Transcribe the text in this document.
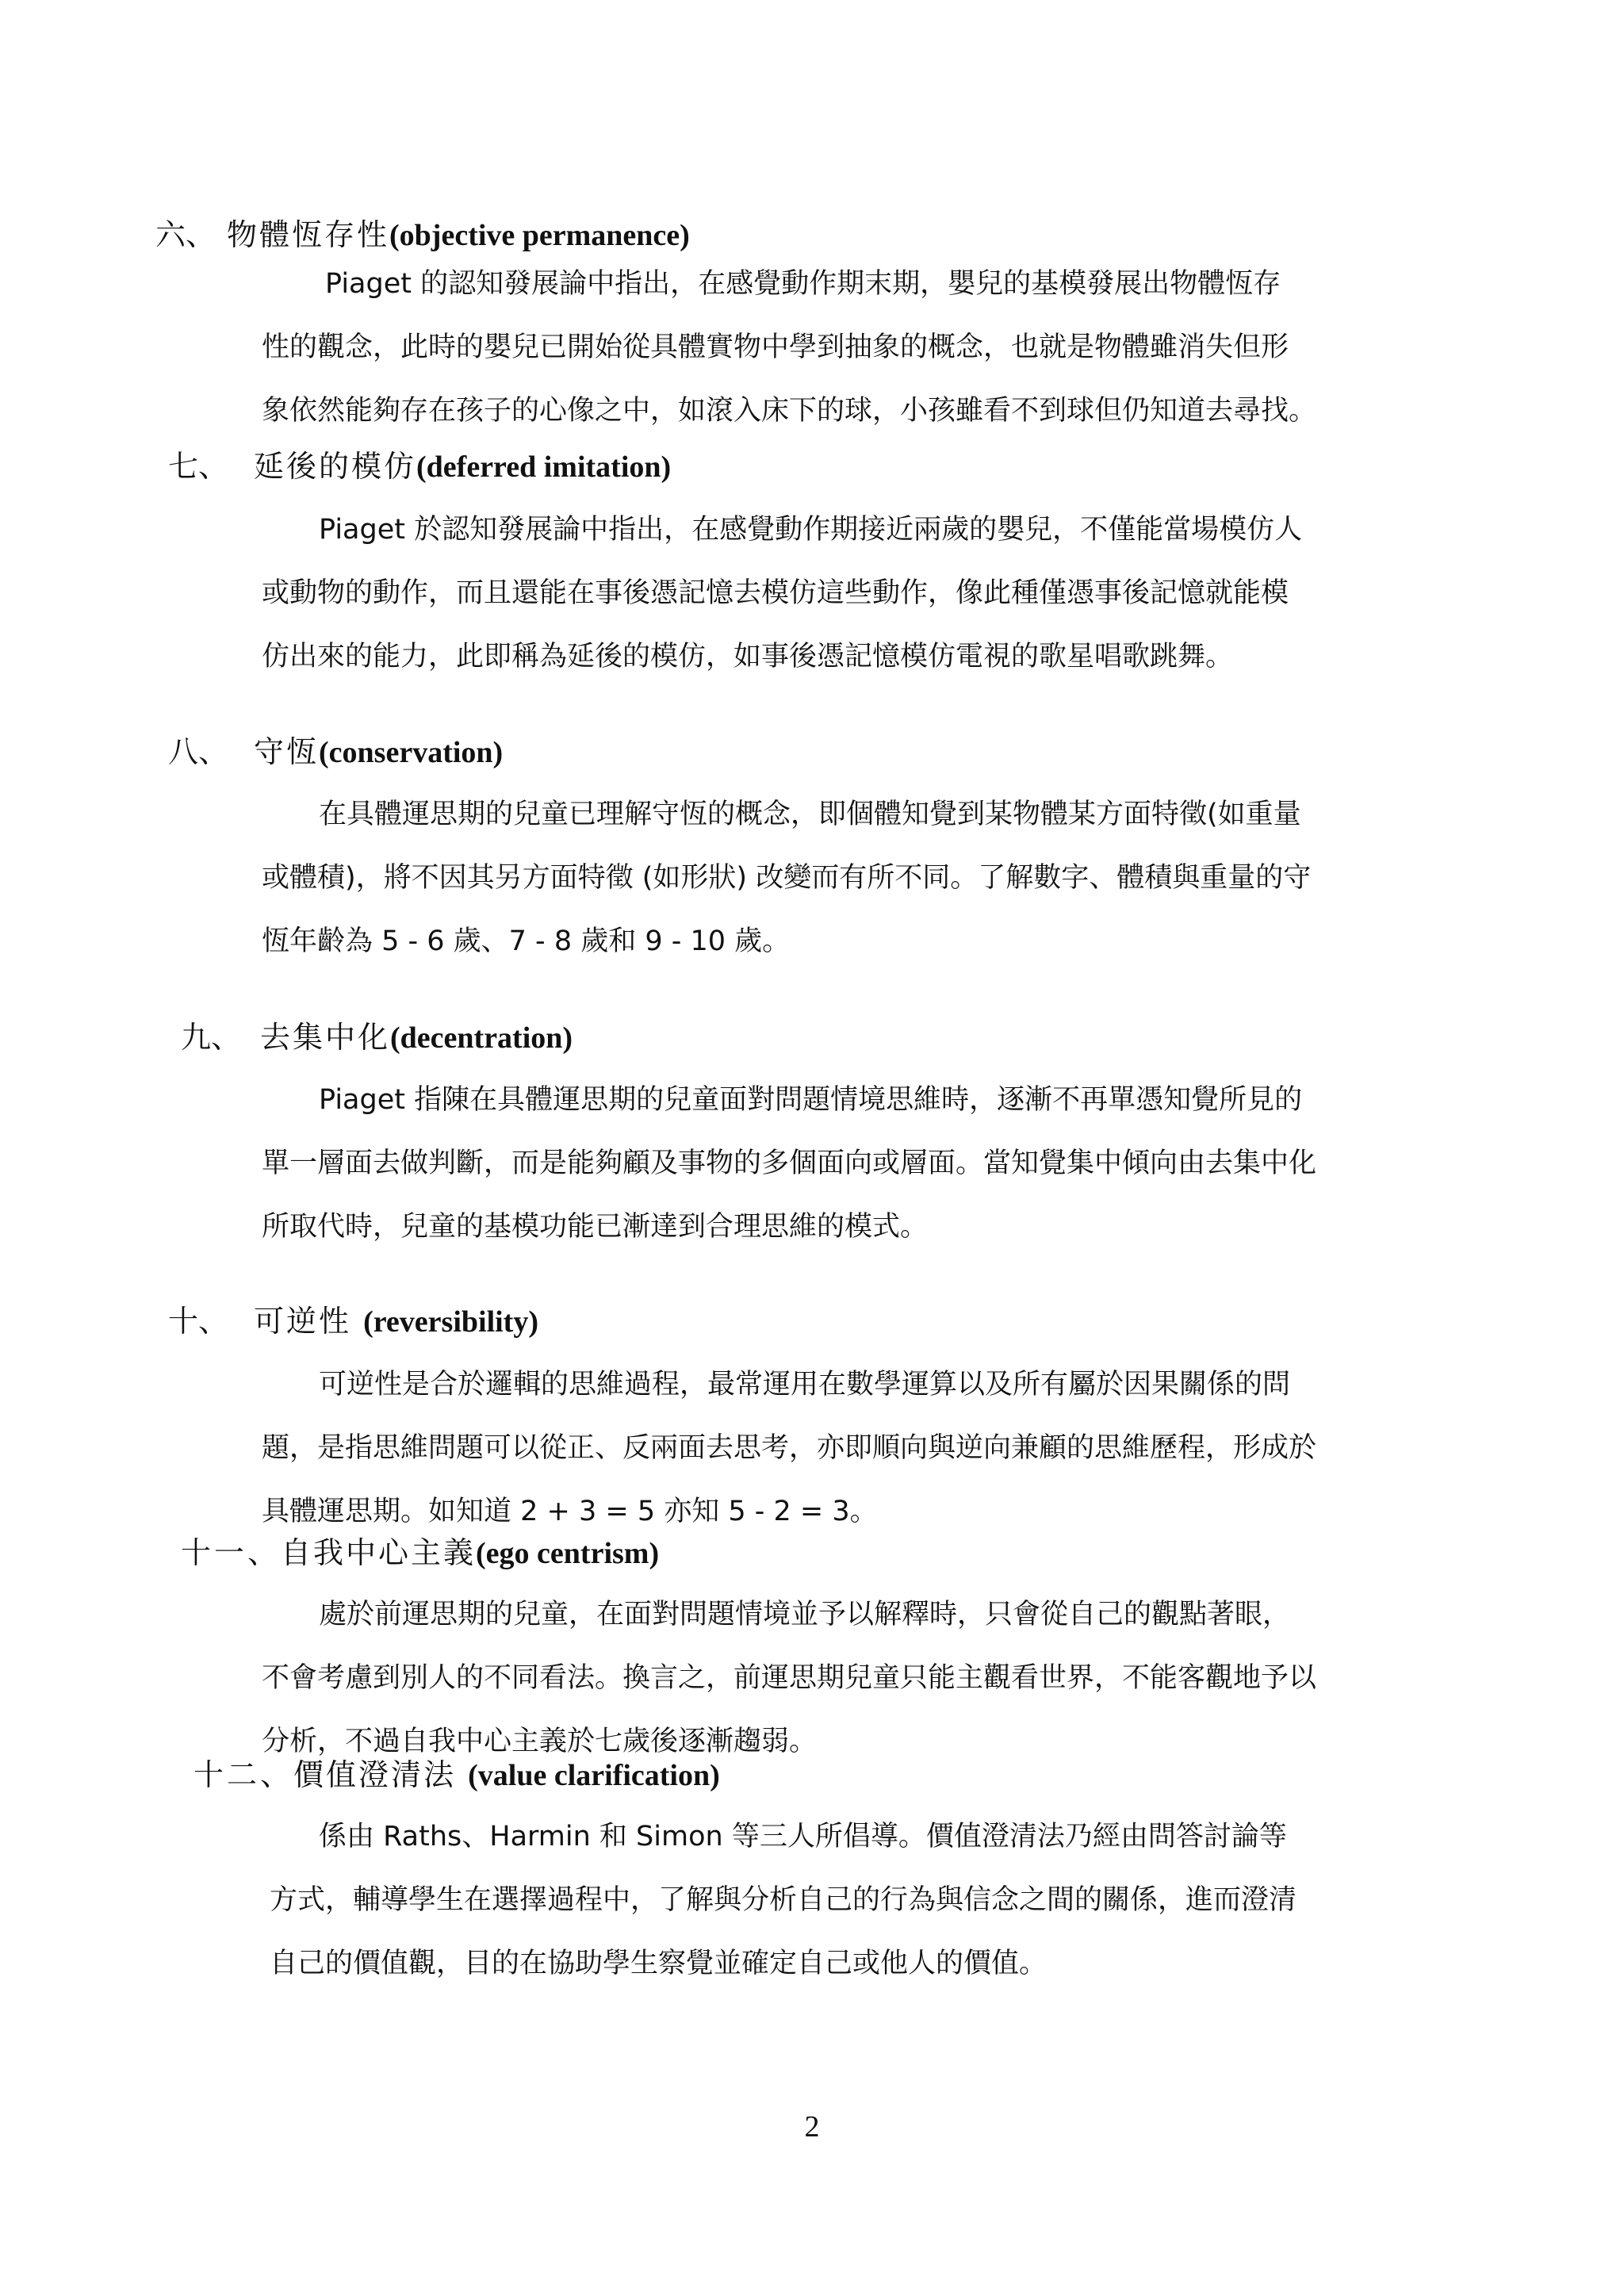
六、 物體恆存性(objective permanence)
Piaget 的認知發展論中指出，在感覺動作期末期，嬰兒的基模發展出物體恆存
性的觀念，此時的嬰兒已開始從具體實物中學到抽象的概念，也就是物體雖消失但形
象依然能夠存在孩子的心像之中，如滾入床下的球，小孩雖看不到球但仍知道去尋找。
七、 延後的模仿(deferred imitation)
Piaget 於認知發展論中指出，在感覺動作期接近兩歲的嬰兒，不僅能當場模仿人
或動物的動作，而且還能在事後憑記憶去模仿這些動作，像此種僅憑事後記憶就能模
仿出來的能力，此即稱為延後的模仿，如事後憑記憶模仿電視的歌星唱歌跳舞。
八、 守恆(conservation)
在具體運思期的兒童已理解守恆的概念，即個體知覺到某物體某方面特徵(如重量
或體積)，將不因其另方面特徵 (如形狀) 改變而有所不同。了解數字、體積與重量的守
恆年齡為 5 - 6 歲、7 - 8 歲和 9 - 10 歲。
九、 去集中化(decentration)
Piaget 指陳在具體運思期的兒童面對問題情境思維時，逐漸不再單憑知覺所見的
單一層面去做判斷，而是能夠顧及事物的多個面向或層面。當知覺集中傾向由去集中化
所取代時，兒童的基模功能已漸達到合理思維的模式。
十、 可逆性 (reversibility)
可逆性是合於邏輯的思維過程，最常運用在數學運算以及所有屬於因果關係的問
題，是指思維問題可以從正、反兩面去思考，亦即順向與逆向兼顧的思維歷程，形成於
具體運思期。如知道 2 + 3 = 5 亦知 5 - 2 = 3。
十一、自我中心主義(ego centrism)
處於前運思期的兒童，在面對問題情境並予以解釋時，只會從自己的觀點著眼，
不會考慮到別人的不同看法。換言之，前運思期兒童只能主觀看世界，不能客觀地予以
分析，不過自我中心主義於七歲後逐漸趨弱。
十二、價值澄清法 (value clarification)
係由 Raths、Harmin 和 Simon 等三人所倡導。價值澄清法乃經由問答討論等
方式，輔導學生在選擇過程中，了解與分析自己的行為與信念之間的關係，進而澄清
自己的價值觀，目的在協助學生察覺並確定自己或他人的價值。
2
